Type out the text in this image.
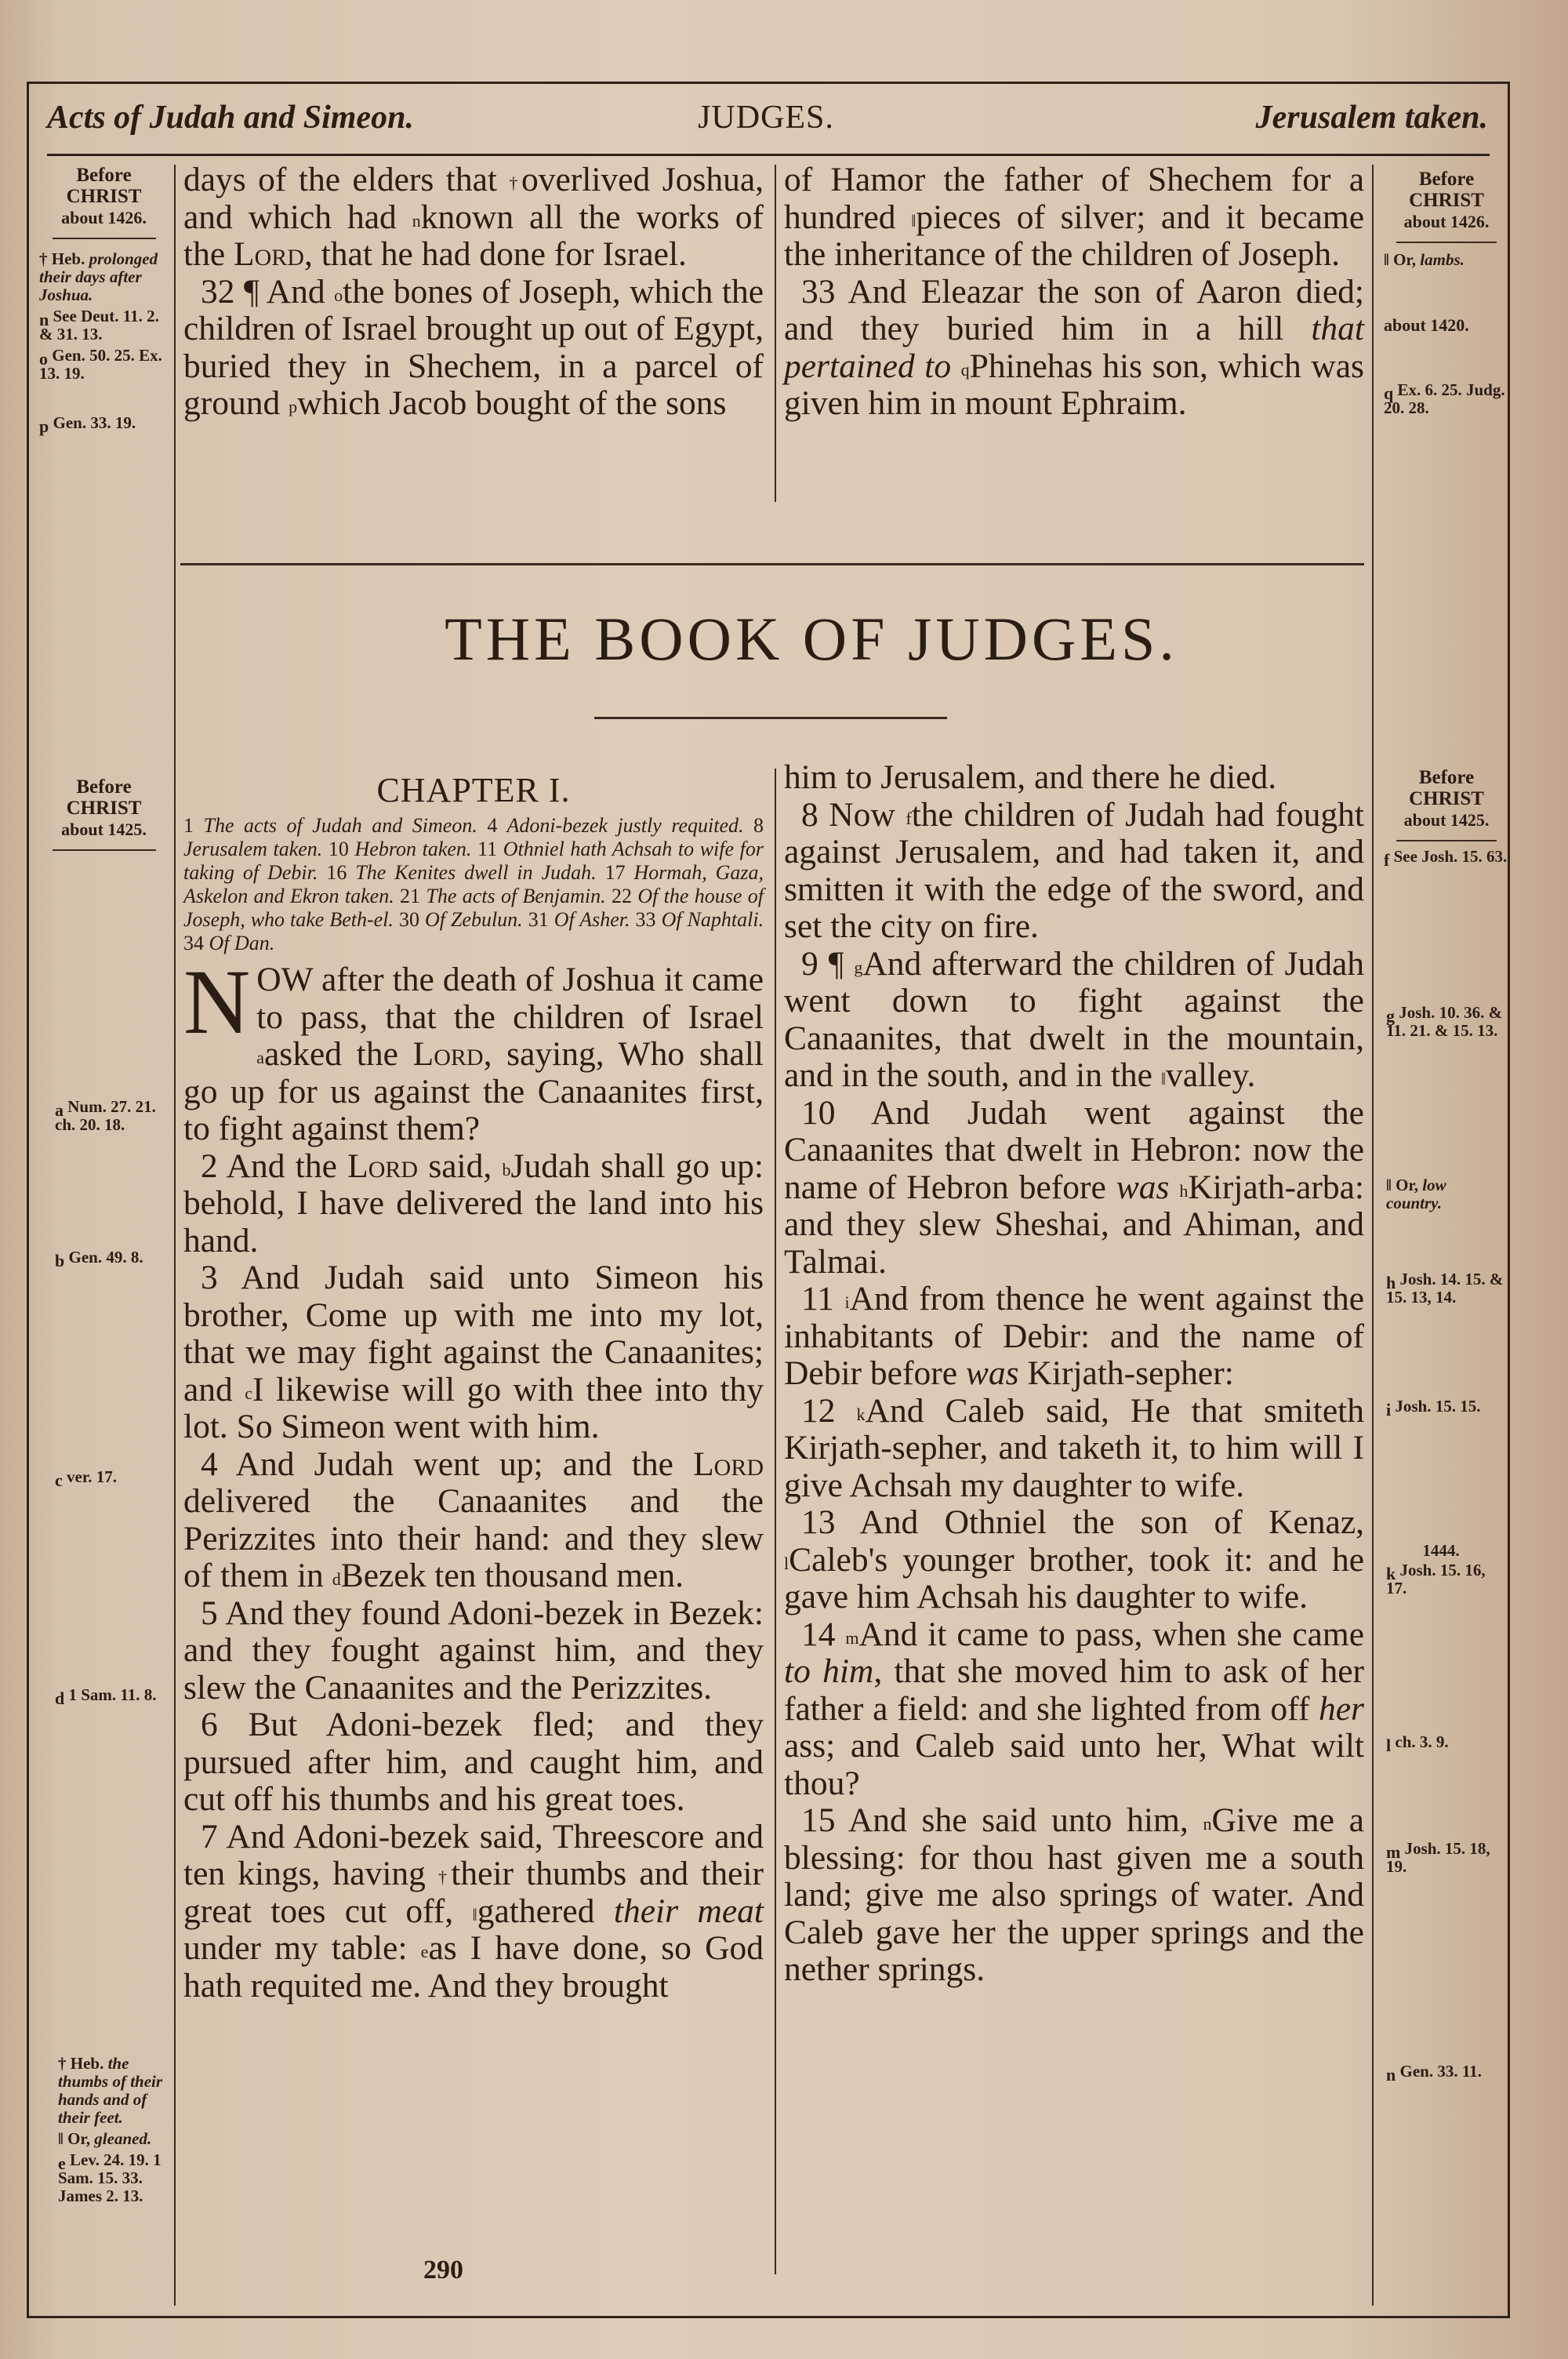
Acts of Judah and Simeon.	JUDGES.	Jerusalem taken.
Before
CHRIST
about 1426.
† Heb. prolonged their days after Joshua.
$^n$ See Deut. 11. 2. & 31. 13.
$^o$ Gen. 50. 25. Ex. 13. 19.
$^p$ Gen. 33. 19.
Before
CHRIST
about 1426.
‖ Or, lambs.
about 1420.
$^q$ Ex. 6. 25. Judg. 20. 28.

days of the elders that †overlived Joshua, and which had $^n$known all the works of the Lord, that he had done for Israel.

32 ¶ And $^o$the bones of Joseph, which the children of Israel brought up out of Egypt, buried they in Shechem, in a parcel of ground $^p$which Jacob bought of the sons

of Hamor the father of Shechem for a hundred ‖pieces of silver; and it became the inheritance of the children of Joseph.

33 And Eleazar the son of Aaron died; and they buried him in a hill that pertained to $^q$Phinehas his son, which was given him in mount Ephraim.

THE BOOK OF JUDGES.
Before
CHRIST
about 1425.
$^a$ Num. 27. 21. ch. 20. 18.
$^b$ Gen. 49. 8.
$^c$ ver. 17.
$^d$ 1 Sam. 11. 8.
† Heb. the thumbs of their hands and of their feet.
‖ Or, gleaned.
$^e$ Lev. 24. 19. 1 Sam. 15. 33. James 2. 13.
Before
CHRIST
about 1425.
$^f$ See Josh. 15. 63.
$^g$ Josh. 10. 36. & 11. 21. & 15. 13.
‖ Or, low country.
$^h$ Josh. 14. 15. & 15. 13, 14.
$^i$ Josh. 15. 15.
1444.
$^k$ Josh. 15. 16, 17.
$^l$ ch. 3. 9.
$^m$ Josh. 15. 18, 19.
$^n$ Gen. 33. 11.
CHAPTER I.
1 The acts of Judah and Simeon. 4 Adoni-bezek justly requited. 8 Jerusalem taken. 10 Hebron taken. 11 Othniel hath Achsah to wife for taking of Debir. 16 The Kenites dwell in Judah. 17 Hormah, Gaza, Askelon and Ekron taken. 21 The acts of Benjamin. 22 Of the house of Joseph, who take Beth-el. 30 Of Zebulun. 31 Of Asher. 33 Of Naphtali. 34 Of Dan.

NOW after the death of Joshua it came to pass, that the children of Israel $^a$asked the Lord, saying, Who shall go up for us against the Canaanites first, to fight against them?

2 And the Lord said, $^b$Judah shall go up: behold, I have delivered the land into his hand.

3 And Judah said unto Simeon his brother, Come up with me into my lot, that we may fight against the Canaanites; and $^c$I likewise will go with thee into thy lot. So Simeon went with him.

4 And Judah went up; and the Lord delivered the Canaanites and the Perizzites into their hand: and they slew of them in $^d$Bezek ten thousand men.

5 And they found Adoni-bezek in Bezek: and they fought against him, and they slew the Canaanites and the Perizzites.

6 But Adoni-bezek fled; and they pursued after him, and caught him, and cut off his thumbs and his great toes.

7 And Adoni-bezek said, Threescore and ten kings, having †their thumbs and their great toes cut off, ‖gathered their meat under my table: $^e$as I have done, so God hath requited me. And they brought

him to Jerusalem, and there he died.

8 Now $^f$the children of Judah had fought against Jerusalem, and had taken it, and smitten it with the edge of the sword, and set the city on fire.

9 ¶ $^g$And afterward the children of Judah went down to fight against the Canaanites, that dwelt in the mountain, and in the south, and in the ‖valley.

10 And Judah went against the Canaanites that dwelt in Hebron: now the name of Hebron before was $^h$Kirjath-arba: and they slew Sheshai, and Ahiman, and Talmai.

11 $^i$And from thence he went against the inhabitants of Debir: and the name of Debir before was Kirjath-sepher:

12 $^k$And Caleb said, He that smiteth Kirjath-sepher, and taketh it, to him will I give Achsah my daughter to wife.

13 And Othniel the son of Kenaz, $^l$Caleb's younger brother, took it: and he gave him Achsah his daughter to wife.

14 $^m$And it came to pass, when she came to him, that she moved him to ask of her father a field: and she lighted from off her ass; and Caleb said unto her, What wilt thou?

15 And she said unto him, $^n$Give me a blessing: for thou hast given me a south land; give me also springs of water. And Caleb gave her the upper springs and the nether springs.

290
